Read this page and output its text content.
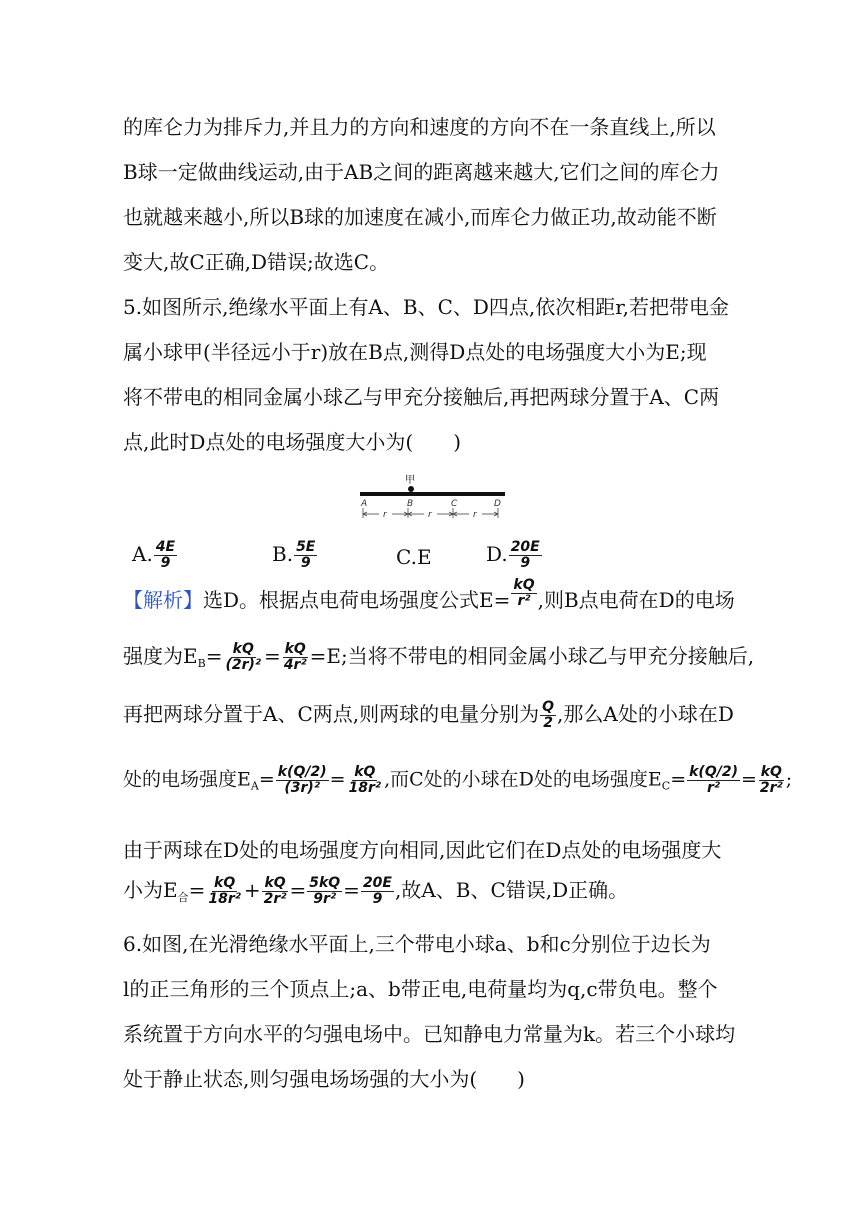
的库仑力为排斥力,并且力的方向和速度的方向不在一条直线上,所以
B球一定做曲线运动,由于AB之间的距离越来越大,它们之间的库仑力
也就越来越小,所以B球的加速度在减小,而库仑力做正功,故动能不断
变大,故C正确,D错误;故选C。
5.如图所示,绝缘水平面上有A、B、C、D四点,依次相距r,若把带电金
属小球甲(半径远小于r)放在B点,测得D点处的电场强度大小为E;现
将不带电的相同金属小球乙与甲充分接触后,再把两球分置于A、C两
点,此时D点处的电场强度大小为(　　)
甲
A	B	C	D
r	r	r
A. $\frac{4E}{9}$	B. $\frac{5E}{9}$	C.E	D. $\frac{20E}{9}$
【解析】选D。根据点电荷电场强度公式$E= \frac{kQ}{\text{r²}}$ ,则B点电荷在D的电场
强度为$E_B= \frac{kQ}{\text{(2r)²}} = \frac{kQ}{\text{4r²}} =E$;当将不带电的相同金属小球乙与甲充分接触后,
再把两球分置于A、C两点,则两球的电量分别为 $\frac{Q}{2}$ ,那么A处的小球在D
处的电场强度$E_A= \frac{k(Q/2)}{\text{(3r)²}} = \frac{kQ}{\text{18r²}}$ ,而C处的小球在D处的电场强度$E_C= \frac{k(Q/2)}{\text{r²}} = \frac{kQ}{\text{2r²}}$ ;
由于两球在D处的电场强度方向相同,因此它们在D点处的电场强度大
小为$E_合= \frac{kQ}{\text{18r²}} + \frac{kQ}{\text{2r²}} = \frac{5kQ}{\text{9r²}} = \frac{20E}{9}$ ,故A、B、C错误,D正确。
6.如图,在光滑绝缘水平面上,三个带电小球a、b和c分别位于边长为
l的正三角形的三个顶点上;a、b带正电,电荷量均为q,c带负电。整个
系统置于方向水平的匀强电场中。已知静电力常量为k。若三个小球均
处于静止状态,则匀强电场场强的大小为(　　)
